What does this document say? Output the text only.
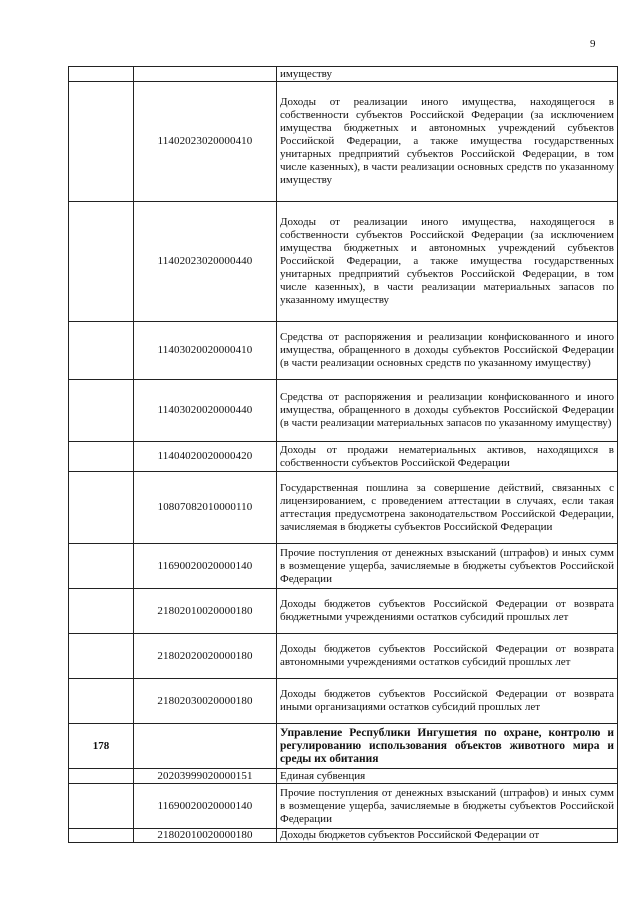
9
		имуществу
	11402023020000410	Доходы от реализации иного имущества, находящегося в собственности субъектов Российской Федерации (за исключением имущества бюджетных и автономных учреждений субъектов Российской Федерации, а также имущества государственных унитарных предприятий субъектов Российской Федерации, в том числе казенных), в части реализации основных средств по указанному имуществу
	11402023020000440	Доходы от реализации иного имущества, находящегося в собственности субъектов Российской Федерации (за исключением имущества бюджетных и автономных учреждений субъектов Российской Федерации, а также имущества государственных унитарных предприятий субъектов Российской Федерации, в том числе казенных), в части реализации материальных запасов по указанному имуществу
	11403020020000410	Средства от распоряжения и реализации конфискованного и иного имущества, обращенного в доходы субъектов Российской Федерации (в части реализации основных средств по указанному имуществу)
	11403020020000440	Средства от распоряжения и реализации конфискованного и иного имущества, обращенного в доходы субъектов Российской Федерации (в части реализации материальных запасов по указанному имуществу)
	11404020020000420	Доходы от продажи нематериальных активов, находящихся в собственности субъектов Российской Федерации
	10807082010000110	Государственная пошлина за совершение действий, связанных с лицензированием, с проведением аттестации в случаях, если такая аттестация предусмотрена законодательством Российской Федерации, зачисляемая в бюджеты субъектов Российской Федерации
	11690020020000140	Прочие поступления от денежных взысканий (штрафов) и иных сумм в возмещение ущерба, зачисляемые в бюджеты субъектов Российской Федерации
	21802010020000180	Доходы бюджетов субъектов Российской Федерации от возврата бюджетными учреждениями остатков субсидий прошлых лет
	21802020020000180	Доходы бюджетов субъектов Российской Федерации от возврата автономными учреждениями остатков субсидий прошлых лет
	21802030020000180	Доходы бюджетов субъектов Российской Федерации от возврата иными организациями остатков субсидий прошлых лет
178		Управление Республики Ингушетия по охране, контролю и регулированию использования объектов животного мира и среды их обитания
	20203999020000151	Единая субвенция
	11690020020000140	Прочие поступления от денежных взысканий (штрафов) и иных сумм в возмещение ущерба, зачисляемые в бюджеты субъектов Российской Федерации
	21802010020000180	Доходы бюджетов субъектов Российской Федерации от
